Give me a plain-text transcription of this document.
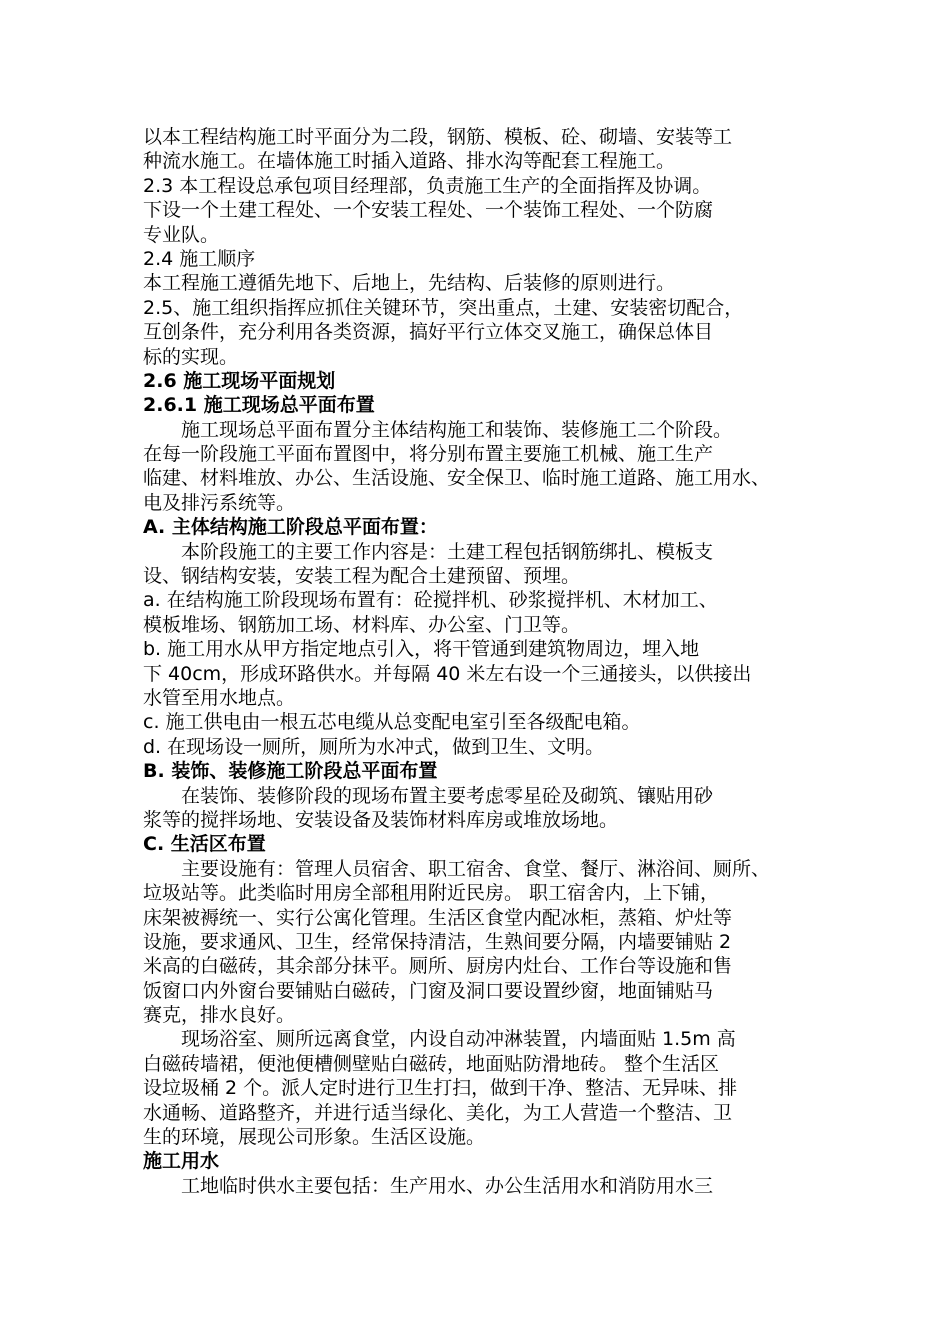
以本工程结构施工时平面分为二段，钢筋、模板、砼、砌墙、安装等工
种流水施工。在墙体施工时插入道路、排水沟等配套工程施工。
2.3 本工程设总承包项目经理部，负责施工生产的全面指挥及协调。
下设一个土建工程处、一个安装工程处、一个装饰工程处、一个防腐
专业队。
2.4 施工顺序
本工程施工遵循先地下、后地上，先结构、后装修的原则进行。
2.5、施工组织指挥应抓住关键环节，突出重点，土建、安装密切配合，
互创条件，充分利用各类资源，搞好平行立体交叉施工，确保总体目
标的实现。
2.6 施工现场平面规划
2.6.1 施工现场总平面布置
施工现场总平面布置分主体结构施工和装饰、装修施工二个阶段。
在每一阶段施工平面布置图中，将分别布置主要施工机械、施工生产
临建、材料堆放、办公、生活设施、安全保卫、临时施工道路、施工用水、
电及排污系统等。
A. 主体结构施工阶段总平面布置：
本阶段施工的主要工作内容是：土建工程包括钢筋绑扎、模板支
设、钢结构安装，安装工程为配合土建预留、预埋。
a. 在结构施工阶段现场布置有：砼搅拌机、砂浆搅拌机、木材加工、
模板堆场、钢筋加工场、材料库、办公室、门卫等。
b. 施工用水从甲方指定地点引入，将干管通到建筑物周边，埋入地
下 40cm，形成环路供水。并每隔 40 米左右设一个三通接头，以供接出
水管至用水地点。
c. 施工供电由一根五芯电缆从总变配电室引至各级配电箱。
d. 在现场设一厕所，厕所为水冲式，做到卫生、文明。
B. 装饰、装修施工阶段总平面布置
在装饰、装修阶段的现场布置主要考虑零星砼及砌筑、镶贴用砂
浆等的搅拌场地、安装设备及装饰材料库房或堆放场地。
C. 生活区布置
主要设施有：管理人员宿舍、职工宿舍、食堂、餐厅、淋浴间、厕所、
垃圾站等。此类临时用房全部租用附近民房。 职工宿舍内，上下铺，
床架被褥统一、实行公寓化管理。生活区食堂内配冰柜，蒸箱、炉灶等
设施，要求通风、卫生，经常保持清洁，生熟间要分隔，内墙要铺贴 2
米高的白磁砖，其余部分抹平。厕所、厨房内灶台、工作台等设施和售
饭窗口内外窗台要铺贴白磁砖，门窗及洞口要设置纱窗，地面铺贴马
赛克，排水良好。
现场浴室、厕所远离食堂，内设自动冲淋装置，内墙面贴 1.5m 高
白磁砖墙裙，便池便槽侧壁贴白磁砖，地面贴防滑地砖。 整个生活区
设垃圾桶 2 个。派人定时进行卫生打扫，做到干净、整洁、无异味、排
水通畅、道路整齐，并进行适当绿化、美化，为工人营造一个整洁、卫
生的环境，展现公司形象。生活区设施。
施工用水
工地临时供水主要包括：生产用水、办公生活用水和消防用水三
